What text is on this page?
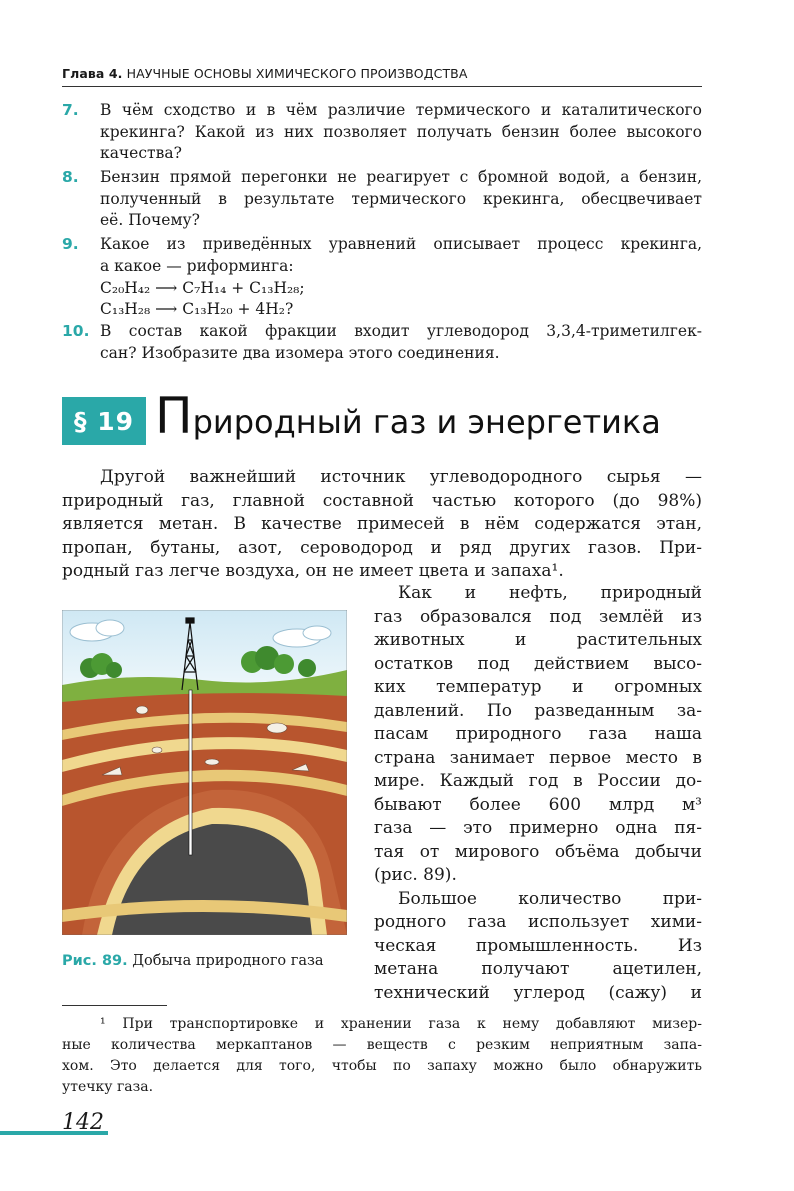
Глава 4. НАУЧНЫЕ ОСНОВЫ ХИМИЧЕСКОГО ПРОИЗВОДСТВА
7.	В чём сходство и в чём различие термического и каталитического
крекинга? Какой из них позволяет получать бензин более высокого
качества?
8.	Бензин прямой перегонки не реагирует с бромной водой, а бензин,
полученный в результате термического крекинга, обесцвечивает
её. Почему?
9.	Какое из приведённых уравнений описывает процесс крекинга,
а какое — риформинга:
C₂₀H₄₂ ⟶ C₇H₁₄ + C₁₃H₂₈;
C₁₃H₂₈ ⟶ C₁₃H₂₀ + 4H₂?
10. В состав какой фракции входит углеводород 3,3,4-триметилгек-
сан? Изобразите два изомера этого соединения.
§ 19 Природный газ и энергетика
Другой важнейший источник углеводородного сырья —
природный газ, главной составной частью которого (до 98%)
является метан. В качестве примесей в нём содержатся этан,
пропан, бутаны, азот, сероводород и ряд других газов. При-
родный газ легче воздуха, он не имеет цвета и запаха¹.
Как и нефть, природный
газ образовался под землёй из
животных и растительных
остатков под действием высо-
ких температур и огромных
давлений. По разведанным за-
пасам природного газа наша
страна занимает первое место в
мире. Каждый год в России до-
бывают более 600 млрд м³
газа — это примерно одна пя-
тая от мирового объёма добычи
(рис. 89).
Большое количество при-
родного газа использует хими-
ческая промышленность. Из
метана получают ацетилен,
технический углерод (сажу) и
Рис. 89. Добыча природного газа
¹ При транспортировке и хранении газа к нему добавляют мизер-
ные количества меркаптанов — веществ с резким неприятным запа-
хом. Это делается для того, чтобы по запаху можно было обнаружить
утечку газа.
142
